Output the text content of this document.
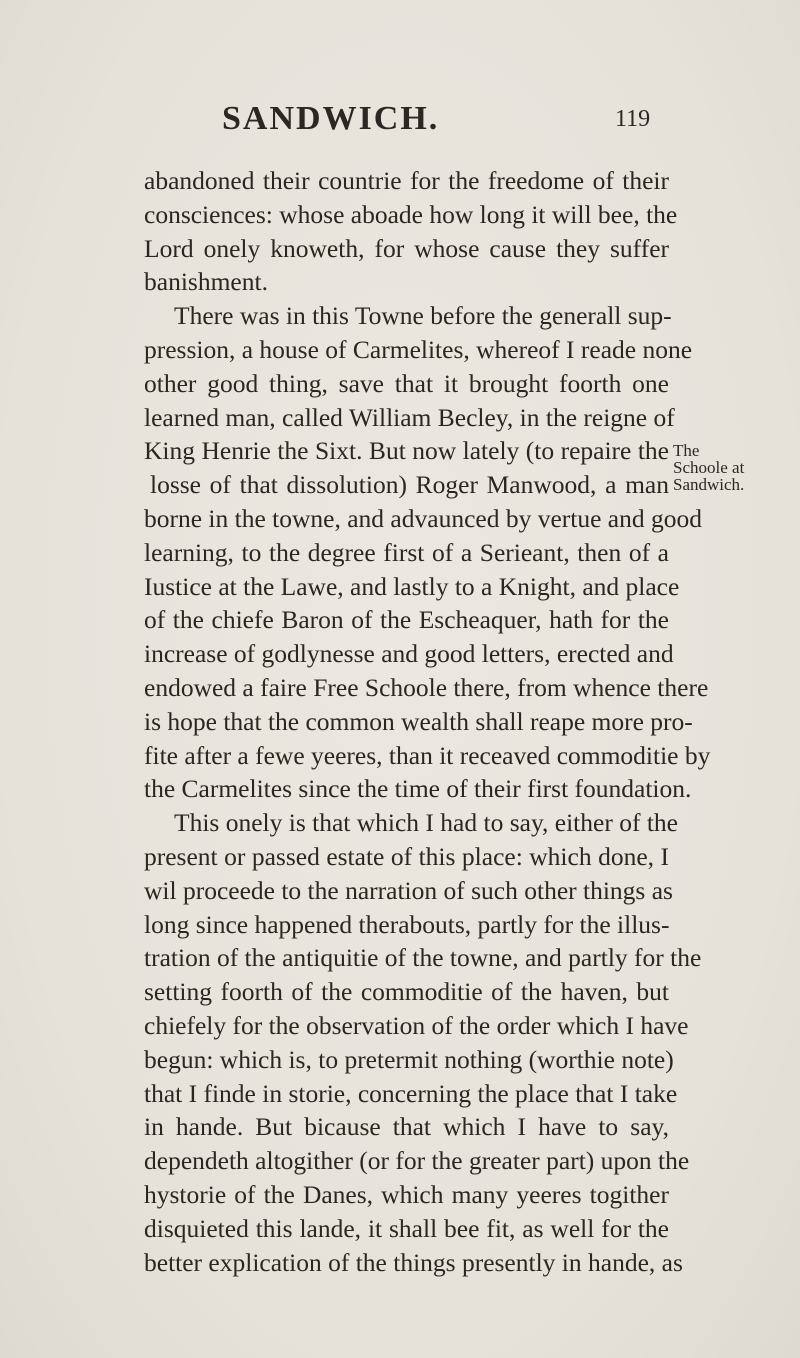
SANDWICH.	119
The
Schoole at
Sandwich.
abandoned their countrie for the freedome of their
consciences: whose aboade how long it will bee, the
Lord onely knoweth, for whose cause they suffer
banishment.
There was in this Towne before the generall sup-
pression, a house of Carmelites, whereof I reade none
other good thing, save that it brought foorth one
learned man, called William Becley, in the reigne of
King Henrie the Sixt. But now lately (to repaire the
losse of that dissolution) Roger Manwood, a man
borne in the towne, and advaunced by vertue and good
learning, to the degree first of a Serieant, then of a
Iustice at the Lawe, and lastly to a Knight, and place
of the chiefe Baron of the Escheaquer, hath for the
increase of godlynesse and good letters, erected and
endowed a faire Free Schoole there, from whence there
is hope that the common wealth shall reape more pro-
fite after a fewe yeeres, than it receaved commoditie by
the Carmelites since the time of their first foundation.
This onely is that which I had to say, either of the
present or passed estate of this place: which done, I
wil proceede to the narration of such other things as
long since happened therabouts, partly for the illus-
tration of the antiquitie of the towne, and partly for the
setting foorth of the commoditie of the haven, but
chiefely for the observation of the order which I have
begun: which is, to pretermit nothing (worthie note)
that I finde in storie, concerning the place that I take
in hande. But bicause that which I have to say,
dependeth altogither (or for the greater part) upon the
hystorie of the Danes, which many yeeres togither
disquieted this lande, it shall bee fit, as well for the
better explication of the things presently in hande, as
